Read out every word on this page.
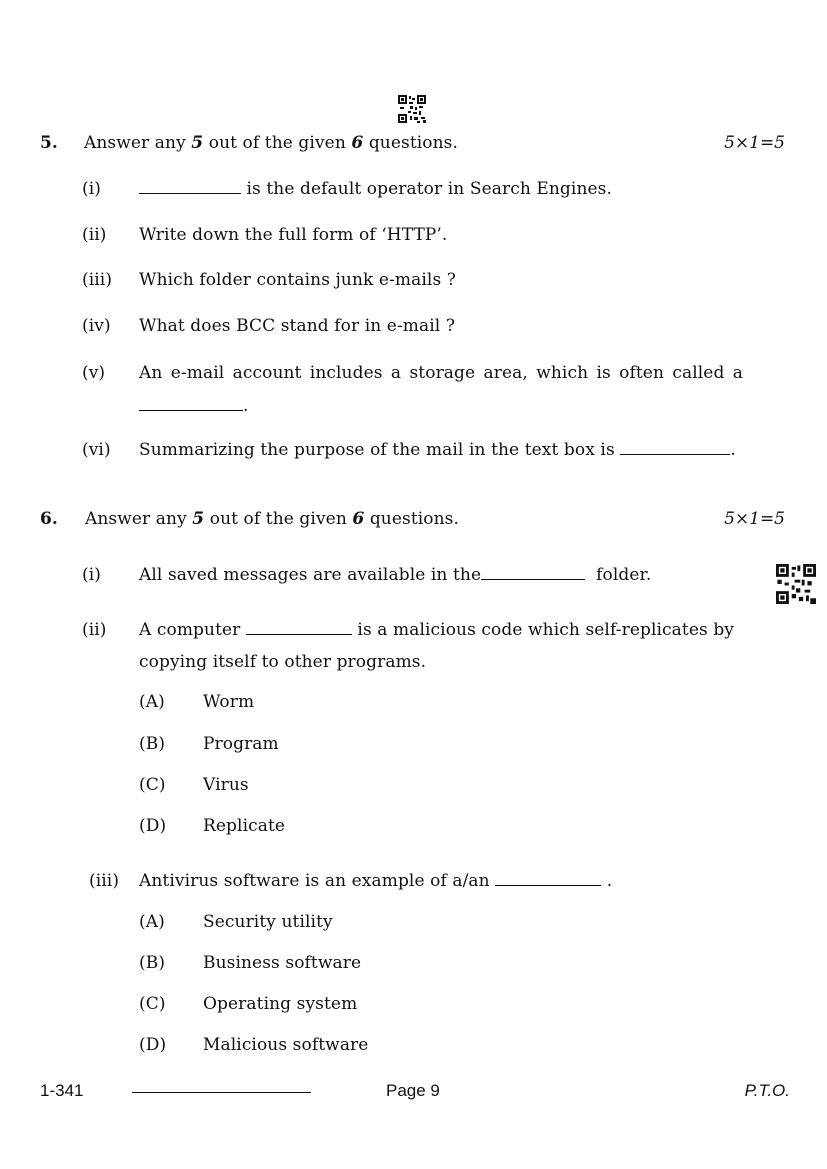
5. Answer any 5 out of the given 6 questions.	5×1=5
(i)	is the default operator in Search Engines.
(ii) Write down the full form of ‘HTTP’.
(iii) Which folder contains junk e-mails ?
(iv) What does BCC stand for in e-mail ?
(v) An e-mail account includes a storage area, which is often called a
.
(vi) Summarizing the purpose of the mail in the text box is	.
6. Answer any 5 out of the given 6 questions.	5×1=5
(i) All saved messages are available in the	folder.
(ii) A computer	is a malicious code which self-replicates by
copying itself to other programs.
(A) Worm
(B) Program
(C) Virus
(D) Replicate
(iii) Antivirus software is an example of a/an	.
(A) Security utility
(B) Business software
(C) Operating system
(D) Malicious software
1-341	Page 9	P.T.O.
